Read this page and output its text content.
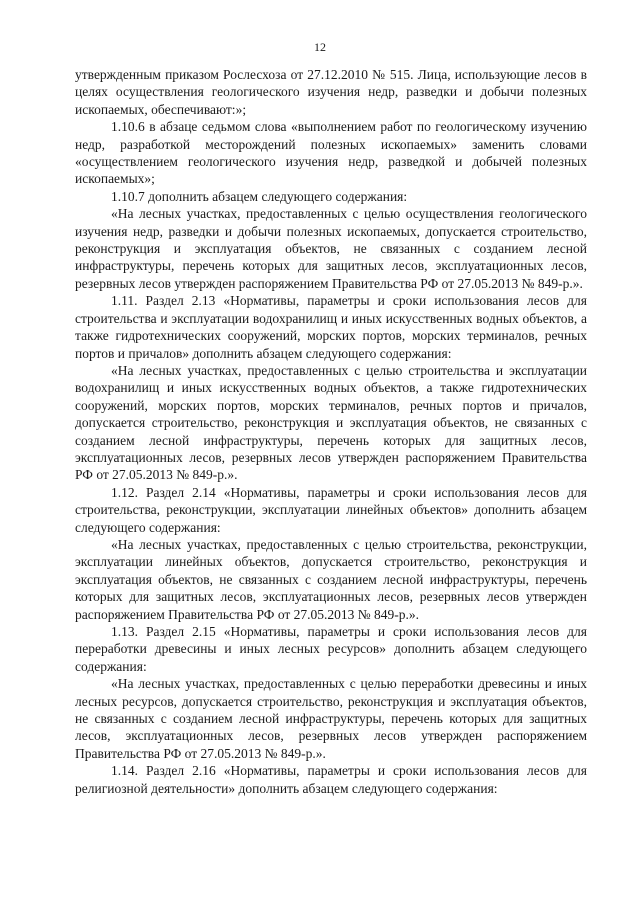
12

утвержденным приказом Рослесхоза от 27.12.2010 № 515. Лица, использующие лесов в целях осуществления геологического изучения недр, разведки и добычи полезных ископаемых, обеспечивают:»;

1.10.6 в абзаце седьмом слова «выполнением работ по геологическому изучению недр, разработкой месторождений полезных ископаемых» заменить словами «осуществлением геологического изучения недр, разведкой и добычей полезных ископаемых»;

1.10.7 дополнить абзацем следующего содержания:

«На лесных участках, предоставленных с целью осуществления геологического изучения недр, разведки и добычи полезных ископаемых, допускается строительство, реконструкция и эксплуатация объектов, не связанных с созданием лесной инфраструктуры, перечень которых для защитных лесов, эксплуатационных лесов, резервных лесов утвержден распоряжением Правительства РФ от 27.05.2013 № 849-р.».

1.11. Раздел 2.13 «Нормативы, параметры и сроки использования лесов для строительства и эксплуатации водохранилищ и иных искусственных водных объектов, а также гидротехнических сооружений, морских портов, морских терминалов, речных портов и причалов» дополнить абзацем следующего содержания:

«На лесных участках, предоставленных с целью строительства и эксплуатации водохранилищ и иных искусственных водных объектов, а также гидротехнических сооружений, морских портов, морских терминалов, речных портов и причалов, допускается строительство, реконструкция и эксплуатация объектов, не связанных с созданием лесной инфраструктуры, перечень которых для защитных лесов, эксплуатационных лесов, резервных лесов утвержден распоряжением Правительства РФ от 27.05.2013 № 849-р.».

1.12. Раздел 2.14 «Нормативы, параметры и сроки использования лесов для строительства, реконструкции, эксплуатации линейных объектов» дополнить абзацем следующего содержания:

«На лесных участках, предоставленных с целью строительства, реконструкции, эксплуатации линейных объектов, допускается строительство, реконструкция и эксплуатация объектов, не связанных с созданием лесной инфраструктуры, перечень которых для защитных лесов, эксплуатационных лесов, резервных лесов утвержден распоряжением Правительства РФ от 27.05.2013 № 849-р.».

1.13. Раздел 2.15 «Нормативы, параметры и сроки использования лесов для переработки древесины и иных лесных ресурсов» дополнить абзацем следующего содержания:

«На лесных участках, предоставленных с целью переработки древесины и иных лесных ресурсов, допускается строительство, реконструкция и эксплуатация объектов, не связанных с созданием лесной инфраструктуры, перечень которых для защитных лесов, эксплуатационных лесов, резервных лесов утвержден распоряжением Правительства РФ от 27.05.2013 № 849-р.».

1.14. Раздел 2.16 «Нормативы, параметры и сроки использования лесов для религиозной деятельности» дополнить абзацем следующего содержания:
